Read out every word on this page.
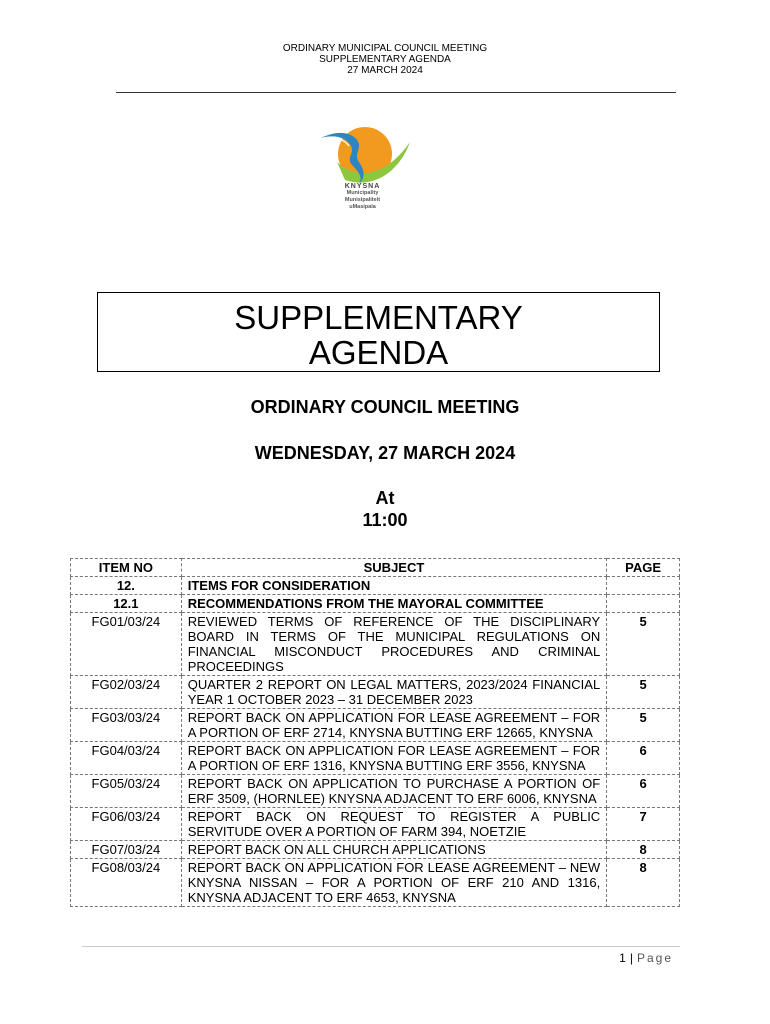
ORDINARY MUNICIPAL COUNCIL MEETING
SUPPLEMENTARY AGENDA
27 MARCH 2024
KNYSNA
Municipality
Munisipaliteit
uMasipala
SUPPLEMENTARY
AGENDA
ORDINARY COUNCIL MEETING
WEDNESDAY, 27 MARCH 2024
At
11:00
ITEM NO	SUBJECT	PAGE
12.	ITEMS FOR CONSIDERATION	
12.1	RECOMMENDATIONS FROM THE MAYORAL COMMITTEE	
FG01/03/24	REVIEWED TERMS OF REFERENCE OF THE DISCIPLINARY BOARD IN TERMS OF THE MUNICIPAL REGULATIONS ON FINANCIAL MISCONDUCT PROCEDURES AND CRIMINAL PROCEEDINGS	5
FG02/03/24	QUARTER 2 REPORT ON LEGAL MATTERS, 2023/2024 FINANCIAL YEAR 1 OCTOBER 2023 – 31 DECEMBER 2023	5
FG03/03/24	REPORT BACK ON APPLICATION FOR LEASE AGREEMENT – FOR A PORTION OF ERF 2714, KNYSNA BUTTING ERF 12665, KNYSNA	5
FG04/03/24	REPORT BACK ON APPLICATION FOR LEASE AGREEMENT – FOR A PORTION OF ERF 1316, KNYSNA BUTTING ERF 3556, KNYSNA	6
FG05/03/24	REPORT BACK ON APPLICATION TO PURCHASE A PORTION OF ERF 3509, (HORNLEE) KNYSNA ADJACENT TO ERF 6006, KNYSNA	6
FG06/03/24	REPORT BACK ON REQUEST TO REGISTER A PUBLIC SERVITUDE OVER A PORTION OF FARM 394, NOETZIE	7
FG07/03/24	REPORT BACK ON ALL CHURCH APPLICATIONS	8
FG08/03/24	REPORT BACK ON APPLICATION FOR LEASE AGREEMENT – NEW KNYSNA NISSAN – FOR A PORTION OF ERF 210 AND 1316, KNYSNA ADJACENT TO ERF 4653, KNYSNA	8
1 | Page
